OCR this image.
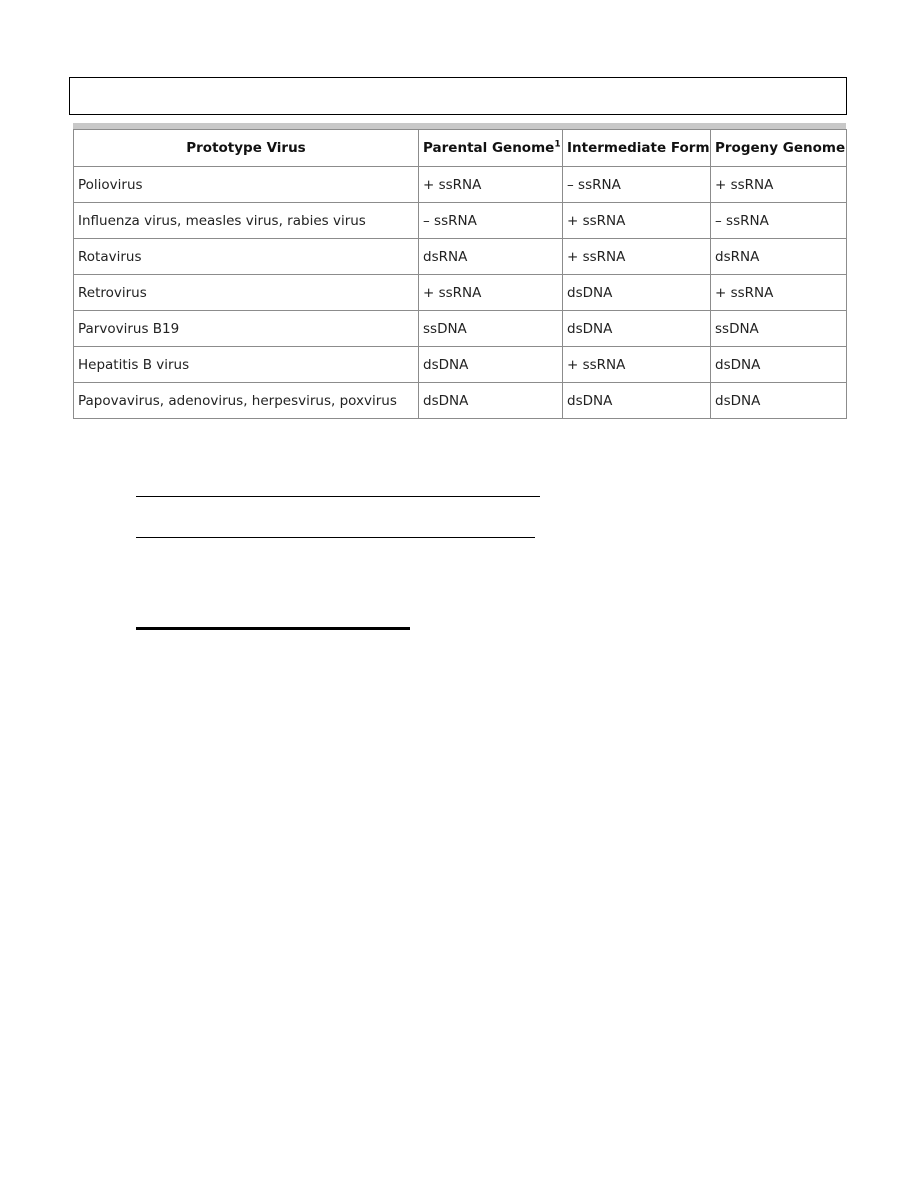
Prototype Virus	Parental Genome$^1$	Intermediate Form	Progeny Genome
Poliovirus	+ ssRNA	– ssRNA	+ ssRNA
Influenza virus, measles virus, rabies virus	– ssRNA	+ ssRNA	– ssRNA
Rotavirus	dsRNA	+ ssRNA	dsRNA
Retrovirus	+ ssRNA	dsDNA	+ ssRNA
Parvovirus B19	ssDNA	dsDNA	ssDNA
Hepatitis B virus	dsDNA	+ ssRNA	dsDNA
Papovavirus, adenovirus, herpesvirus, poxvirus	dsDNA	dsDNA	dsDNA
